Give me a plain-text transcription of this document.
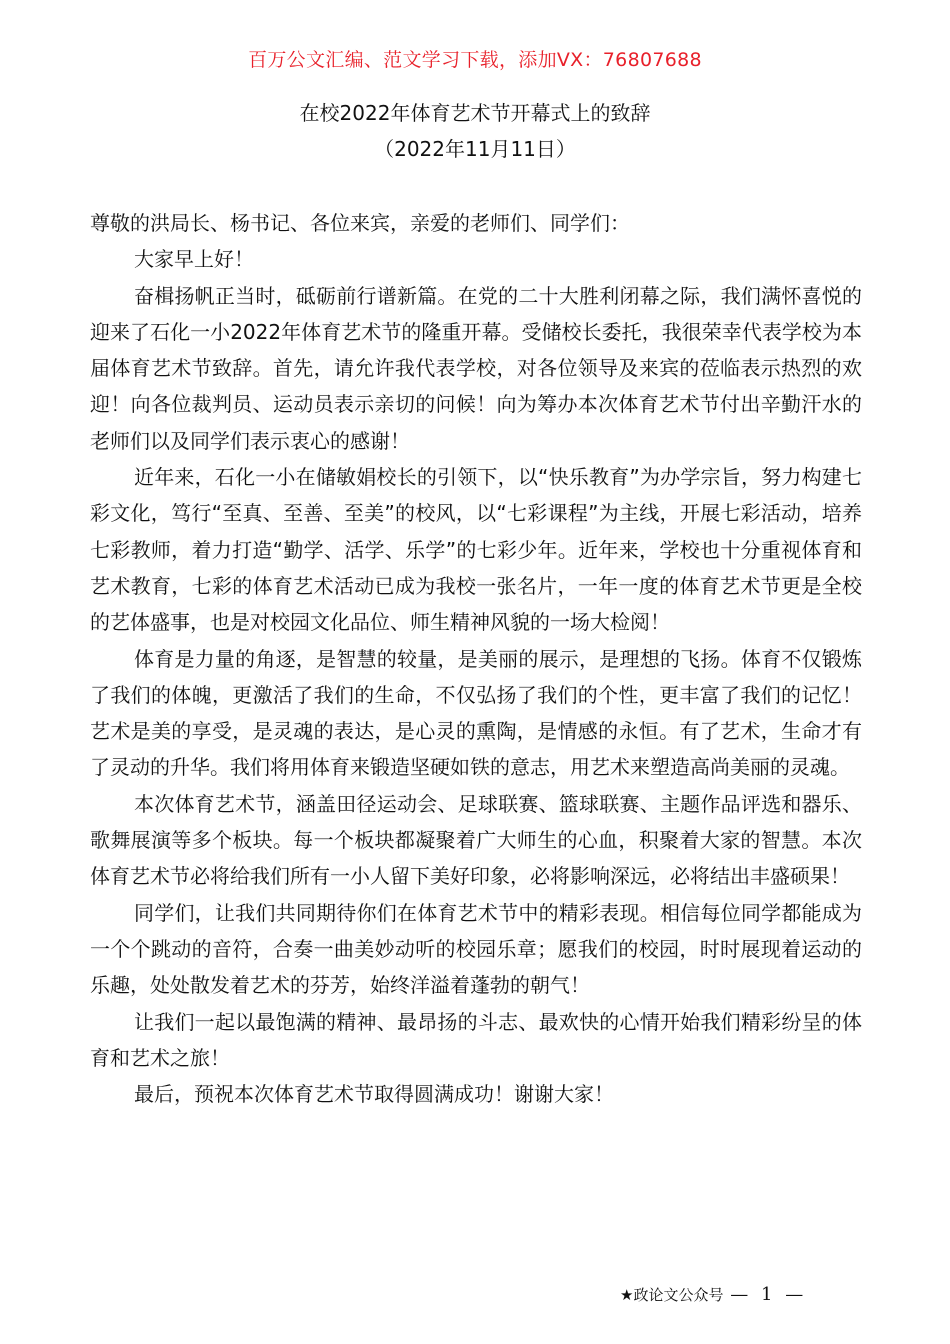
百万公文汇编、范文学习下载，添加VX：76807688
在校2022年体育艺术节开幕式上的致辞
（2022年11月11日）

尊敬的洪局长、杨书记、各位来宾，亲爱的老师们、同学们：

大家早上好！

奋楫扬帆正当时，砥砺前行谱新篇。在党的二十大胜利闭幕之际，我们满怀喜悦的迎来了石化一小2022年体育艺术节的隆重开幕。受储校长委托，我很荣幸代表学校为本届体育艺术节致辞。首先，请允许我代表学校，对各位领导及来宾的莅临表示热烈的欢迎！向各位裁判员、运动员表示亲切的问候！向为筹办本次体育艺术节付出辛勤汗水的老师们以及同学们表示衷心的感谢！

近年来，石化一小在储敏娟校长的引领下，以“快乐教育”为办学宗旨，努力构建七彩文化，笃行“至真、至善、至美”的校风，以“七彩课程”为主线，开展七彩活动，培养七彩教师，着力打造“勤学、活学、乐学”的七彩少年。近年来，学校也十分重视体育和艺术教育，七彩的体育艺术活动已成为我校一张名片，一年一度的体育艺术节更是全校的艺体盛事，也是对校园文化品位、师生精神风貌的一场大检阅！

体育是力量的角逐，是智慧的较量，是美丽的展示，是理想的飞扬。体育不仅锻炼了我们的体魄，更激活了我们的生命，不仅弘扬了我们的个性，更丰富了我们的记忆！艺术是美的享受，是灵魂的表达，是心灵的熏陶，是情感的永恒。有了艺术，生命才有了灵动的升华。我们将用体育来锻造坚硬如铁的意志，用艺术来塑造高尚美丽的灵魂。

本次体育艺术节，涵盖田径运动会、足球联赛、篮球联赛、主题作品评选和器乐、歌舞展演等多个板块。每一个板块都凝聚着广大师生的心血，积聚着大家的智慧。本次体育艺术节必将给我们所有一小人留下美好印象，必将影响深远，必将结出丰盛硕果！

同学们，让我们共同期待你们在体育艺术节中的精彩表现。相信每位同学都能成为一个个跳动的音符，合奏一曲美妙动听的校园乐章；愿我们的校园，时时展现着运动的乐趣，处处散发着艺术的芬芳，始终洋溢着蓬勃的朝气！

让我们一起以最饱满的精神、最昂扬的斗志、最欢快的心情开始我们精彩纷呈的体育和艺术之旅！

最后，预祝本次体育艺术节取得圆满成功！谢谢大家！

★政论文公众号 — 1 —
